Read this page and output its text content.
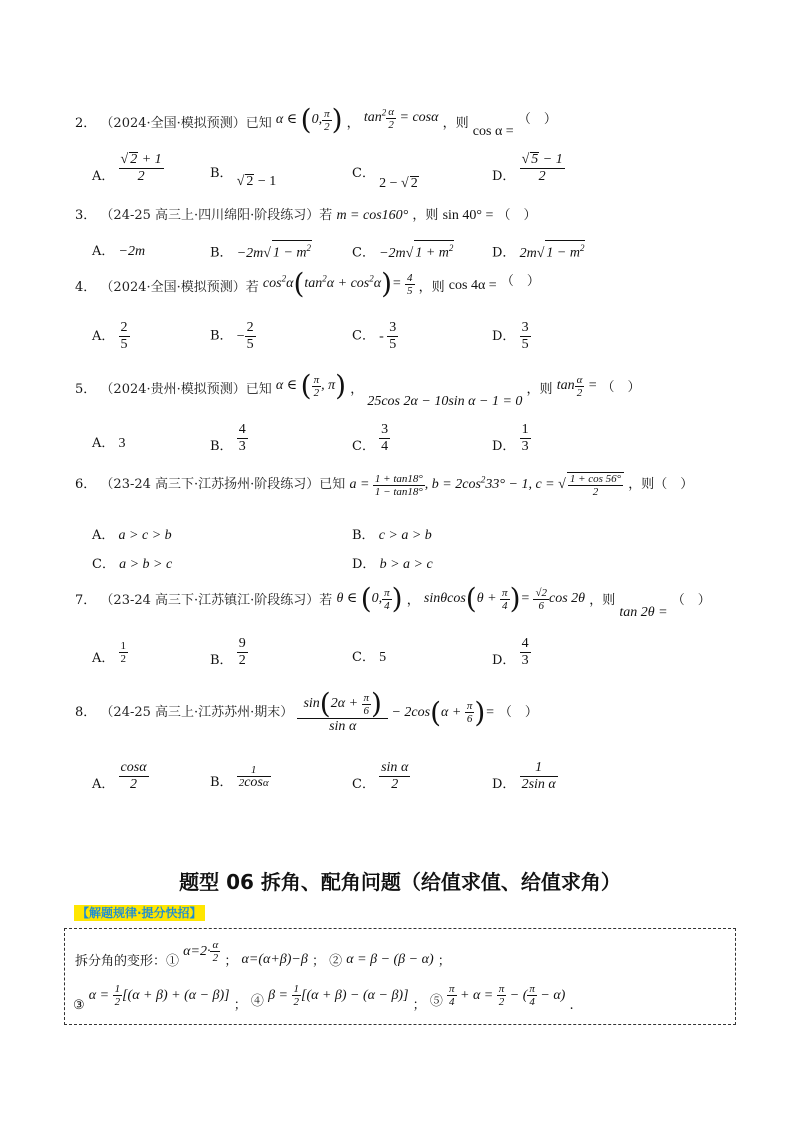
2． （2024·全国·模拟预测）已知 α ∈ (0, $\frac{\pi}{2}$ ) ， $\tan^2 \frac{\alpha}{2} = \cos\alpha$ ，则 cos α = （　）
A． $\frac{√ 2 + 1}{2}$	B． √ 2 − 1
C． 2 − √ 2	D． $\frac{√ 5 - 1}{2}$
3． （24-25 高三上·四川绵阳·阶段练习）若 m = cos160° ，则 sin 40° = （　）
A． −2m	B． −2m√ $1 - m^2$	C． −2m√ $1 + m^2$	D． 2m√ $1 - m^2$
4． （2024·全国·模拟预测）若 $\cos^2\alpha(\tan^2\alpha + \cos^2\alpha)= \frac{4}{5}$ ，则 cos 4α = （　）
A． $\frac{2}{5}$	B． − $\frac{2}{5}$	C． - $\frac{3}{5}$	D． $\frac{3}{5}$
5． （2024·贵州·模拟预测）已知 α ∈ ( $\frac{\pi}{2}$ , π) ， 25cos 2α − 10sin α − 1 = 0 ，则 $\tan \frac{\alpha}{2}$ = （　）
A． 3	B． $\frac{4}{3}$	C． $\frac{3}{4}$	D． $\frac{1}{3}$
6． （23-24 高三下·江苏扬州·阶段练习）已知 $a = \frac{1 + \tan 18^\circ}{1 - \tan 18^\circ}$ , $b = 2\cos^233^\circ - 1$, c = √ $\frac{1 + \cos 56^\circ}{2}$ ，则（　）
A． a > c > b	B． c > a > b
C． a > b > c	D． b > a > c
7． （23-24 高三下·江苏镇江·阶段练习）若 θ ∈ (0, $\frac{\pi}{4}$ ) ， $\sin\theta\cos(\theta + \frac{\pi}{4}$ )= $\frac{√2}{6}$ cos 2θ ，则 tan 2θ = （　）
A． $\frac{1}{2}$	B． $\frac{9}{2}$	C． 5	D． $\frac{4}{3}$
8． （24-25 高三上·江苏苏州·期末） $\frac{\sin(2\alpha + \frac{\pi}{6} )}{\text{sin α}} - 2\cos(\alpha + \frac{\pi}{6}$ )= （　）
A． $\frac{\cos\alpha}{2}$	B． $\frac{1}{2\cos\alpha}$	C． $\frac{\text{sin α}}{2}$	D． $\frac{1}{\text{2sin α}}$
题型 06 拆角、配角问题（给值求值、给值求角）
【解题规律·提分快招】
拆分角的变形：① $\alpha=2\cdot \frac{\alpha}{2}$ ； α=(α+β)−β ； ② α = β − (β − α) ；
③ $\alpha = \frac{1}{2} [(\alpha + \beta) + (\alpha - \beta)]$ ； ④ $\beta = \frac{1}{2} [(\alpha + \beta) - (\alpha - \beta)]$ ； ⑤ $\frac{\pi}{4} + \alpha = \frac{\pi}{2}$ − ( $\frac{\pi}{4} - \alpha$) .
